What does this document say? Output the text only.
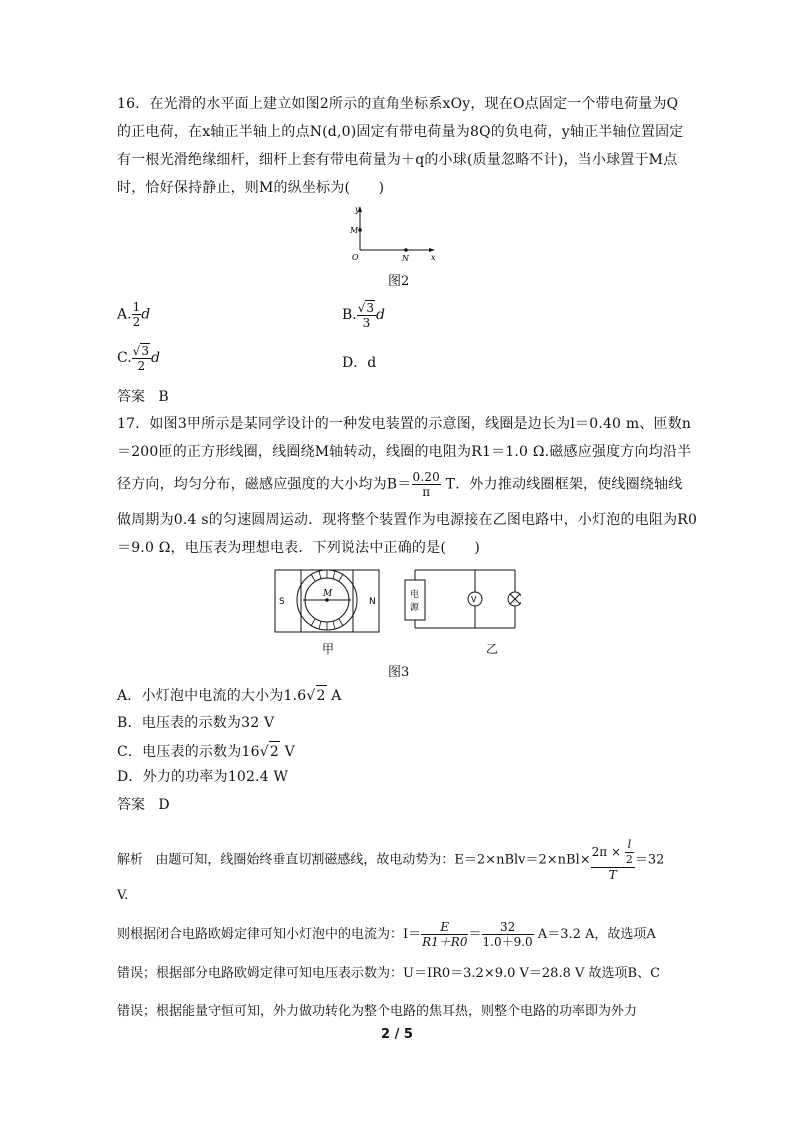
16．在光滑的水平面上建立如图2所示的直角坐标系xOy，现在O点固定一个带电荷量为Q
的正电荷，在x轴正半轴上的点N(d,0)固定有带电荷量为8Q的负电荷，y轴正半轴位置固定
有一根光滑绝缘细杆，细杆上套有带电荷量为＋q的小球(质量忽略不计)，当小球置于M点
时，恰好保持静止，则M的纵坐标为(　　)
y
x
O
M
N
图2
A. $\frac{1}{2}$ d	B. $\frac{√3}{3}$ d
C. $\frac{√3}{2}$ d	D．d
答案 B
17．如图3甲所示是某同学设计的一种发电装置的示意图，线圈是边长为l＝0.40 m、匝数n
＝200匝的正方形线圈，线圈绕M轴转动，线圈的电阻为R1＝1.0 Ω.磁感应强度方向均沿半
径方向，均匀分布，磁感应强度的大小均为$B= \frac{0.20}{\pi}$ T．外力推动线圈框架，使线圈绕轴线
做周期为0.4 s的匀速圆周运动．现将整个装置作为电源接在乙图电路中，小灯泡的电阻为R0
＝9.0 Ω，电压表为理想电表．下列说法中正确的是(　　)
S	N
M
甲
V
电
源
乙
图3
A．小灯泡中电流的大小为1.6√2 A
B．电压表的示数为32 V
C．电压表的示数为16√2 V
D．外力的功率为102.4 W
答案 D
解析 由题可知，线圈始终垂直切割磁感线，故电动势为：E＝2×nBlv＝2×nBl× $\frac{2\pi \times \frac{l}{2}}{T} =32$
V.
则根据闭合电路欧姆定律可知小灯泡中的电流为：$I= \frac{E}{R1+R0} = \frac{32}{1.0+9.0} A=3.2$ A，故选项A
错误；根据部分电路欧姆定律可知电压表示数为：U＝IR0＝3.2×9.0 V＝28.8 V 故选项B、C
错误；根据能量守恒可知，外力做功转化为整个电路的焦耳热，则整个电路的功率即为外力
2 / 5
